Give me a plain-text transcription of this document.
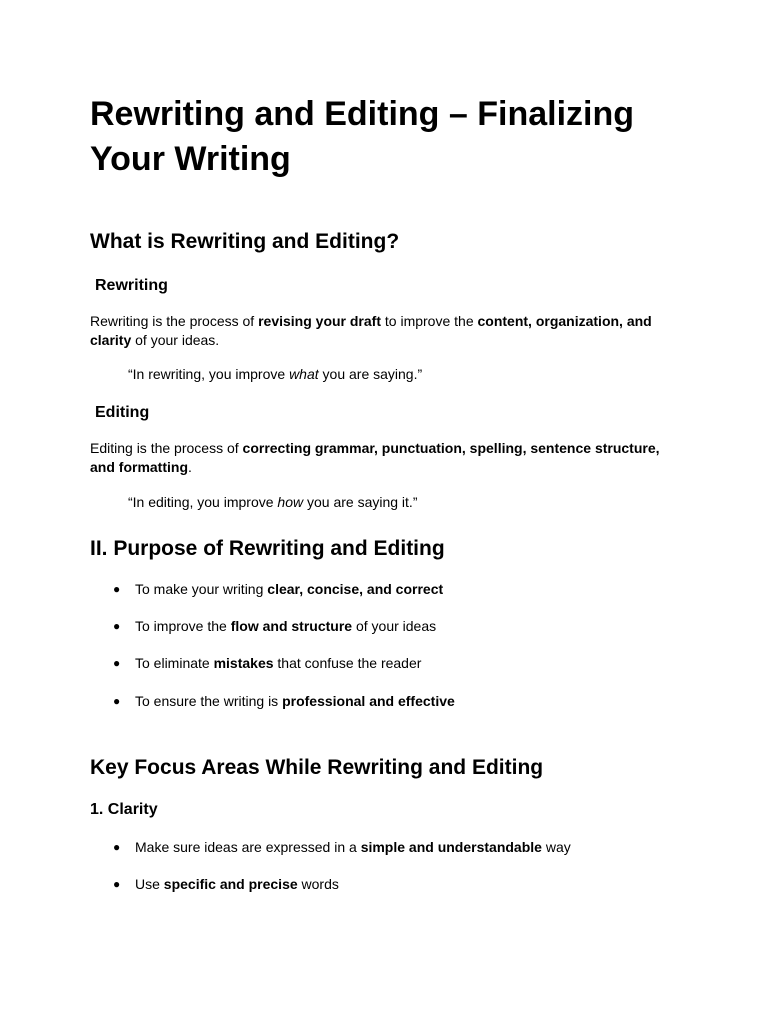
Rewriting and Editing – Finalizing Your Writing
What is Rewriting and Editing?
Rewriting

Rewriting is the process of revising your draft to improve the content, organization, and clarity of your ideas.

“In rewriting, you improve what you are saying.”

Editing

Editing is the process of correcting grammar, punctuation, spelling, sentence structure, and formatting.

“In editing, you improve how you are saying it.”

II. Purpose of Rewriting and Editing
● To make your writing clear, concise, and correct
● To improve the flow and structure of your ideas
● To eliminate mistakes that confuse the reader
● To ensure the writing is professional and effective
Key Focus Areas While Rewriting and Editing
1. Clarity
● Make sure ideas are expressed in a simple and understandable way
● Use specific and precise words
